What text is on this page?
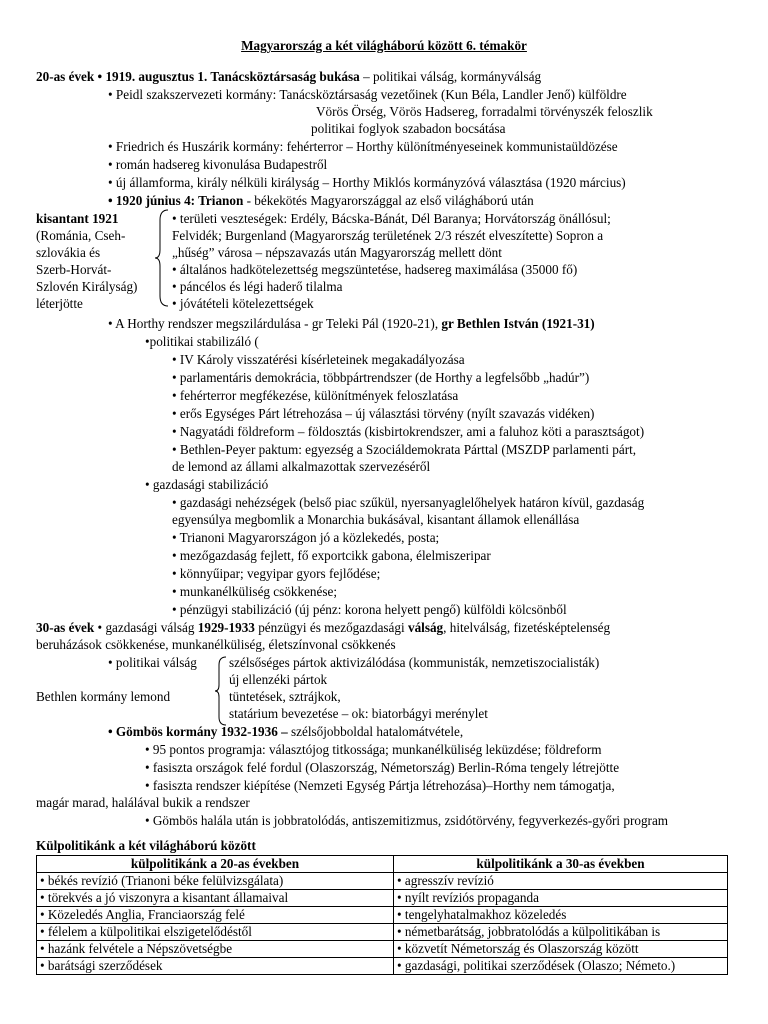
Magyarország a két világháború között 6. témakör
20-as évek • 1919. augusztus 1. Tanácsköztársaság bukása – politikai válság, kormányválság
• Peidl szakszervezeti kormány: Tanácsköztársaság vezetőinek (Kun Béla, Landler Jenő) külföldre
Vörös Örség, Vörös Hadsereg, forradalmi törvényszék feloszlik
politikai foglyok szabadon bocsátása
• Friedrich és Huszárik kormány: fehérterror – Horthy különítményeseinek kommunistaüldözése
• román hadsereg kivonulása Budapestről
• új államforma, király nélküli királyság – Horthy Miklós kormányzóvá választása (1920 március)
• 1920 június 4: Trianon - békekötés Magyarországgal az első világháború után
kisantant 1921
(Románia, Cseh-
szlovákia és
Szerb-Horvát-
Szlovén Királyság)
léterjötte
• területi veszteségek: Erdély, Bácska-Bánát, Dél Baranya; Horvátország önállósul;
Felvidék; Burgenland (Magyarország területének 2/3 részét elveszítette) Sopron a
„hűség” városa – népszavazás után Magyarország mellett dönt
• általános hadkötelezettség megszüntetése, hadsereg maximálása (35000 fő)
• páncélos és légi haderő tilalma
• jóvátételi kötelezettségek
• A Horthy rendszer megszilárdulása - gr Teleki Pál (1920-21), gr Bethlen István (1921-31)
•politikai stabilizáló (
• IV Károly visszatérési kísérleteinek megakadályozása
• parlamentáris demokrácia, többpártrendszer (de Horthy a legfelsőbb „hadúr”)
• fehérterror megfékezése, különítmények feloszlatása
• erős Egységes Párt létrehozása – új választási törvény (nyílt szavazás vidéken)
• Nagyatádi földreform – földosztás (kisbirtokrendszer, ami a faluhoz köti a parasztságot)
• Bethlen-Peyer paktum: egyezség a Szociáldemokrata Párttal (MSZDP parlamenti párt,
de lemond az állami alkalmazottak szervezéséről
• gazdasági stabilizáció
• gazdasági nehézségek (belső piac szűkül, nyersanyaglelőhelyek határon kívül, gazdaság
egyensúlya megbomlik a Monarchia bukásával, kisantant államok ellenállása
• Trianoni Magyarországon jó a közlekedés, posta;
• mezőgazdaság fejlett, fő exportcikk gabona, élelmiszeripar
• könnyűipar; vegyipar gyors fejlődése;
• munkanélküliség csökkenése;
• pénzügyi stabilizáció (új pénz: korona helyett pengő) külföldi kölcsönből
30-as évek • gazdasági válság 1929-1933 pénzügyi és mezőgazdasági válság, hitelválság, fizetésképtelenség
beruházások csökkenése, munkanélküliség, életszínvonal csökkenés
• politikai válság szélsőséges pártok aktivizálódása (kommunisták, nemzetiszocialisták)
új ellenzéki pártok
tüntetések, sztrájkok,
statárium bevezetése – ok: biatorbágyi merénylet
Bethlen kormány lemond
• Gömbös kormány 1932-1936 – szélsőjobboldal hatalomátvétele,
• 95 pontos programja: választójog titkossága; munkanélküliség leküzdése; földreform
• fasiszta országok felé fordul (Olaszország, Németország) Berlin-Róma tengely létrejötte
• fasiszta rendszer kiépítése (Nemzeti Egység Pártja létrehozása)–Horthy nem támogatja,
magár marad, halálával bukik a rendszer
• Gömbös halála után is jobbratolódás, antiszemitizmus, zsidótörvény, fegyverkezés-győri program
Külpolitikánk a két világháború között
külpolitikánk a 20-as években	külpolitikánk a 30-as években
• békés revízió (Trianoni béke felülvizsgálata)	• agresszív revízió
• törekvés a jó viszonyra a kisantant államaival	• nyílt revíziós propaganda
• Közeledés Anglia, Franciaország felé	• tengelyhatalmakhoz közeledés
• félelem a külpolitikai elszigetelődéstől	• németbarátság, jobbratolódás a külpolitikában is
• hazánk felvétele a Népszövetségbe	• közvetít Németország és Olaszország között
• barátsági szerződések	• gazdasági, politikai szerződések (Olaszo; Németo.)
